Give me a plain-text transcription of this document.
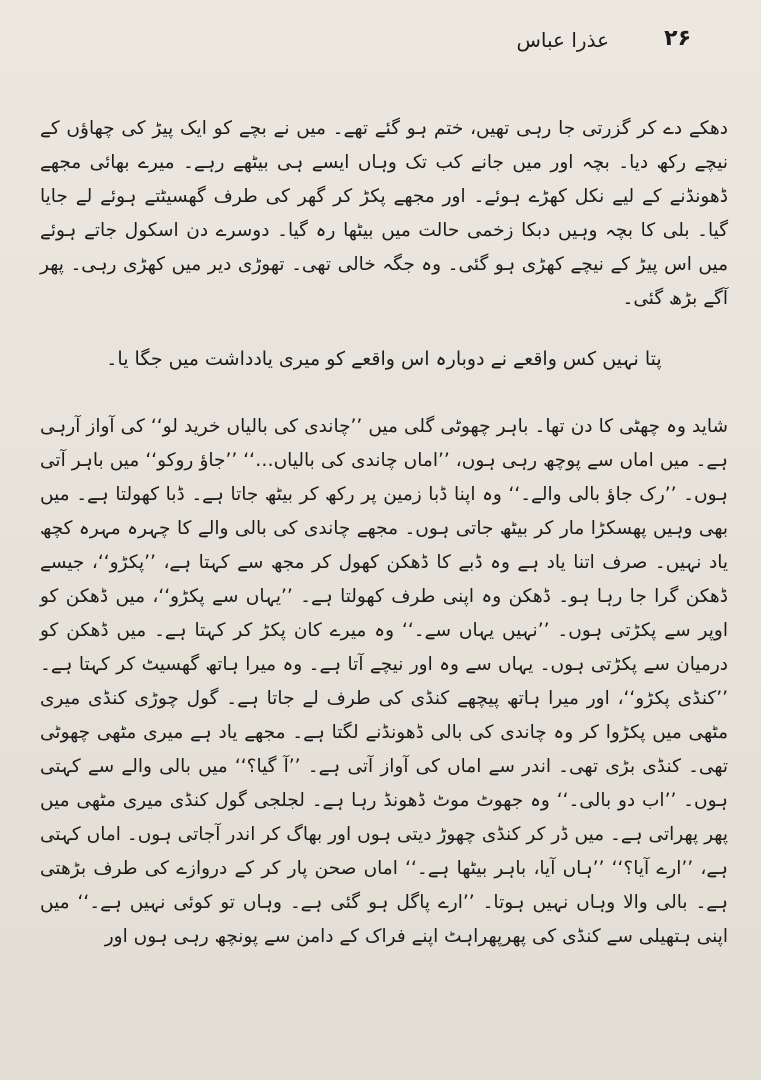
۲۶
عذرا عباس

دھکے دے کر گزرتی جا رہی تھیں، ختم ہو گئے تھے۔ میں نے بچے کو ایک پیڑ کی چھاؤں کے نیچے رکھ دیا۔ بچہ اور میں جانے کب تک وہاں ایسے ہی بیٹھے رہے۔ میرے بھائی مجھے ڈھونڈنے کے لیے نکل کھڑے ہوئے۔ اور مجھے پکڑ کر گھر کی طرف گھسیٹتے ہوئے لے جایا گیا۔ بلی کا بچہ وہیں دبکا زخمی حالت میں بیٹھا رہ گیا۔ دوسرے دن اسکول جاتے ہوئے میں اس پیڑ کے نیچے کھڑی ہو گئی۔ وہ جگہ خالی تھی۔ تھوڑی دیر میں کھڑی رہی۔ پھر آگے بڑھ گئی۔

پتا نہیں کس واقعے نے دوبارہ اس واقعے کو میری یادداشت میں جگا یا۔

شاید وہ چھٹی کا دن تھا۔ باہر چھوٹی گلی میں ’’چاندی کی بالیاں خرید لو‘‘ کی آواز آرہی ہے۔ میں اماں سے پوچھ رہی ہوں، ’’اماں چاندی کی بالیاں…‘‘ ’’جاؤ روکو‘‘ میں باہر آتی ہوں۔ ’’رک جاؤ بالی والے۔‘‘ وہ اپنا ڈبا زمین پر رکھ کر بیٹھ جاتا ہے۔ ڈبا کھولتا ہے۔ میں بھی وہیں پھسکڑا مار کر بیٹھ جاتی ہوں۔ مجھے چاندی کی بالی والے کا چہرہ مہرہ کچھ یاد نہیں۔ صرف اتنا یاد ہے وہ ڈبے کا ڈھکن کھول کر مجھ سے کہتا ہے، ’’پکڑو‘‘، جیسے ڈھکن گرا جا رہا ہو۔ ڈھکن وہ اپنی طرف کھولتا ہے۔ ’’یہاں سے پکڑو‘‘، میں ڈھکن کو اوپر سے پکڑتی ہوں۔ ’’نہیں یہاں سے۔‘‘ وہ میرے کان پکڑ کر کہتا ہے۔ میں ڈھکن کو درمیان سے پکڑتی ہوں۔ یہاں سے وہ اور نیچے آتا ہے۔ وہ میرا ہاتھ گھسیٹ کر کہتا ہے۔ ’’کنڈی پکڑو‘‘، اور میرا ہاتھ پیچھے کنڈی کی طرف لے جاتا ہے۔ گول چوڑی کنڈی میری مٹھی میں پکڑوا کر وہ چاندی کی بالی ڈھونڈنے لگتا ہے۔ مجھے یاد ہے میری مٹھی چھوٹی تھی۔ کنڈی بڑی تھی۔ اندر سے اماں کی آواز آتی ہے۔ ’’آ گیا؟‘‘ میں بالی والے سے کہتی ہوں۔ ’’اب دو بالی۔‘‘ وہ جھوٹ موٹ ڈھونڈ رہا ہے۔ لجلجی گول کنڈی میری مٹھی میں پھر پھراتی ہے۔ میں ڈر کر کنڈی چھوڑ دیتی ہوں اور بھاگ کر اندر آجاتی ہوں۔ اماں کہتی ہے، ’’ارے آیا؟‘‘ ’’ہاں آیا، باہر بیٹھا ہے۔‘‘ اماں صحن پار کر کے دروازے کی طرف بڑھتی ہے۔ بالی والا وہاں نہیں ہوتا۔ ’’ارے پاگل ہو گئی ہے۔ وہاں تو کوئی نہیں ہے۔‘‘ میں اپنی ہتھیلی سے کنڈی کی پھرپھراہٹ اپنے فراک کے دامن سے پونچھ رہی ہوں اور
